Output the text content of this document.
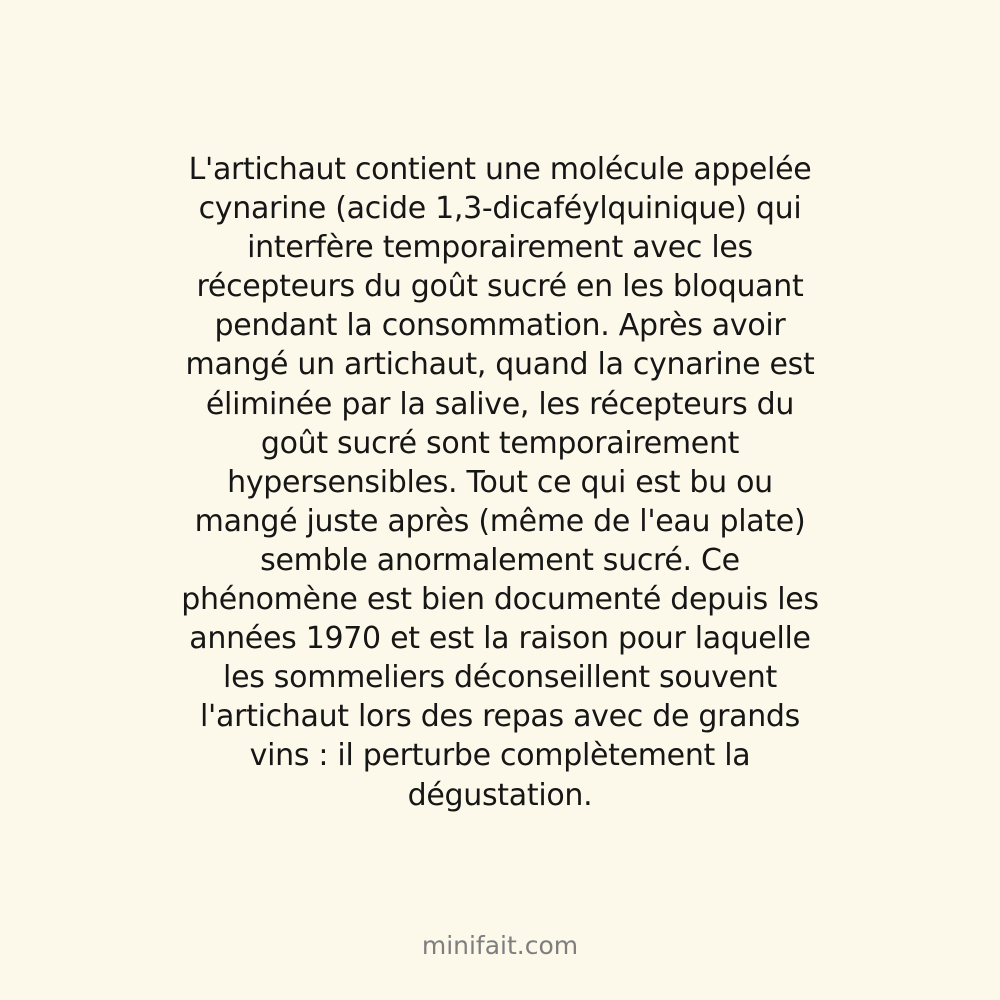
L'artichaut contient une molécule appelée
cynarine (acide 1,3-dicaféylquinique) qui
interfère temporairement avec les
récepteurs du goût sucré en les bloquant
pendant la consommation. Après avoir
mangé un artichaut, quand la cynarine est
éliminée par la salive, les récepteurs du
goût sucré sont temporairement
hypersensibles. Tout ce qui est bu ou
mangé juste après (même de l'eau plate)
semble anormalement sucré. Ce
phénomène est bien documenté depuis les
années 1970 et est la raison pour laquelle
les sommeliers déconseillent souvent
l'artichaut lors des repas avec de grands
vins : il perturbe complètement la
dégustation.
minifait.com
